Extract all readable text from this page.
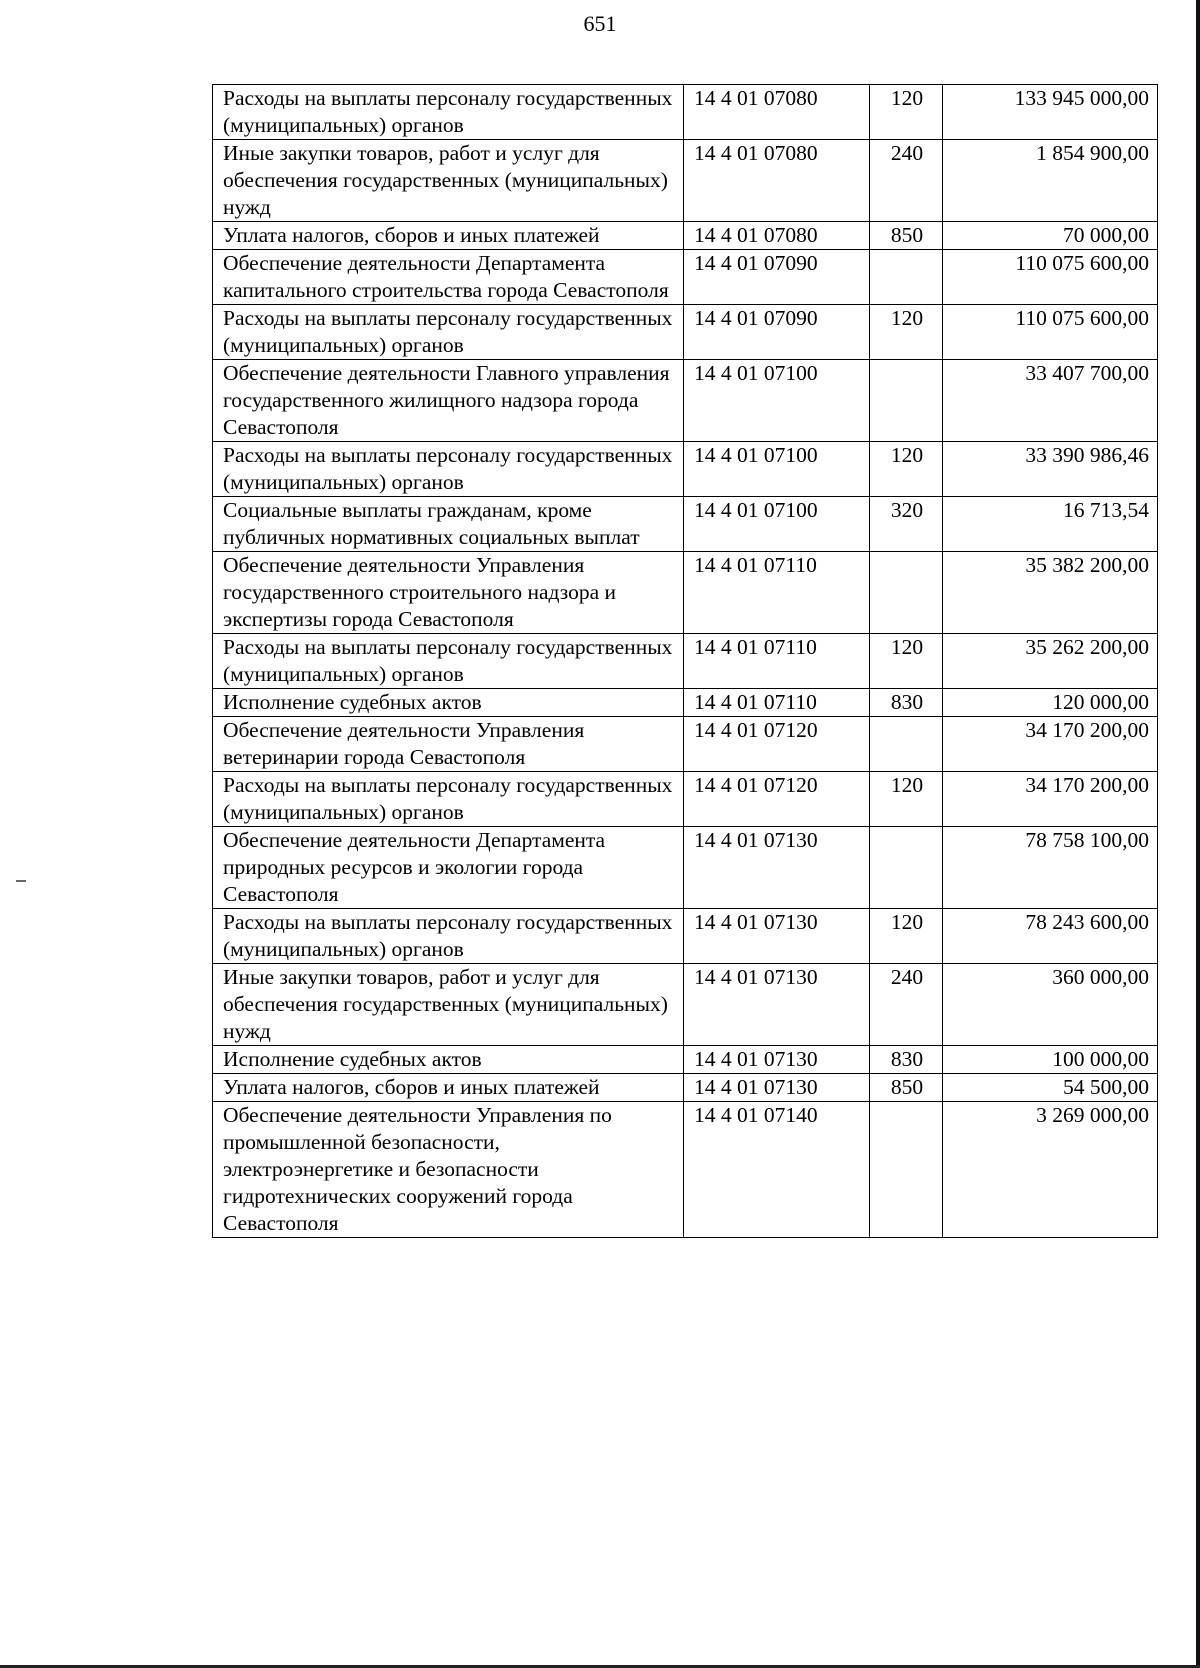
651
Расходы на выплаты персоналу государственных (муниципальных) органов	14 4 01 07080	120	133 945 000,00
Иные закупки товаров, работ и услуг для обеспечения государственных (муниципальных) нужд	14 4 01 07080	240	1 854 900,00
Уплата налогов, сборов и иных платежей	14 4 01 07080	850	70 000,00
Обеспечение деятельности Департамента капитального строительства города Севастополя	14 4 01 07090		110 075 600,00
Расходы на выплаты персоналу государственных (муниципальных) органов	14 4 01 07090	120	110 075 600,00
Обеспечение деятельности Главного управления государственного жилищного надзора города Севастополя	14 4 01 07100		33 407 700,00
Расходы на выплаты персоналу государственных (муниципальных) органов	14 4 01 07100	120	33 390 986,46
Социальные выплаты гражданам, кроме публичных нормативных социальных выплат	14 4 01 07100	320	16 713,54
Обеспечение деятельности Управления государственного строительного надзора и экспертизы города Севастополя	14 4 01 07110		35 382 200,00
Расходы на выплаты персоналу государственных (муниципальных) органов	14 4 01 07110	120	35 262 200,00
Исполнение судебных актов	14 4 01 07110	830	120 000,00
Обеспечение деятельности Управления ветеринарии города Севастополя	14 4 01 07120		34 170 200,00
Расходы на выплаты персоналу государственных (муниципальных) органов	14 4 01 07120	120	34 170 200,00
Обеспечение деятельности Департамента природных ресурсов и экологии города Севастополя	14 4 01 07130		78 758 100,00
Расходы на выплаты персоналу государственных (муниципальных) органов	14 4 01 07130	120	78 243 600,00
Иные закупки товаров, работ и услуг для обеспечения государственных (муниципальных) нужд	14 4 01 07130	240	360 000,00
Исполнение судебных актов	14 4 01 07130	830	100 000,00
Уплата налогов, сборов и иных платежей	14 4 01 07130	850	54 500,00
Обеспечение деятельности Управления по промышленной безопасности, электроэнергетике и безопасности гидротехнических сооружений города Севастополя	14 4 01 07140		3 269 000,00
